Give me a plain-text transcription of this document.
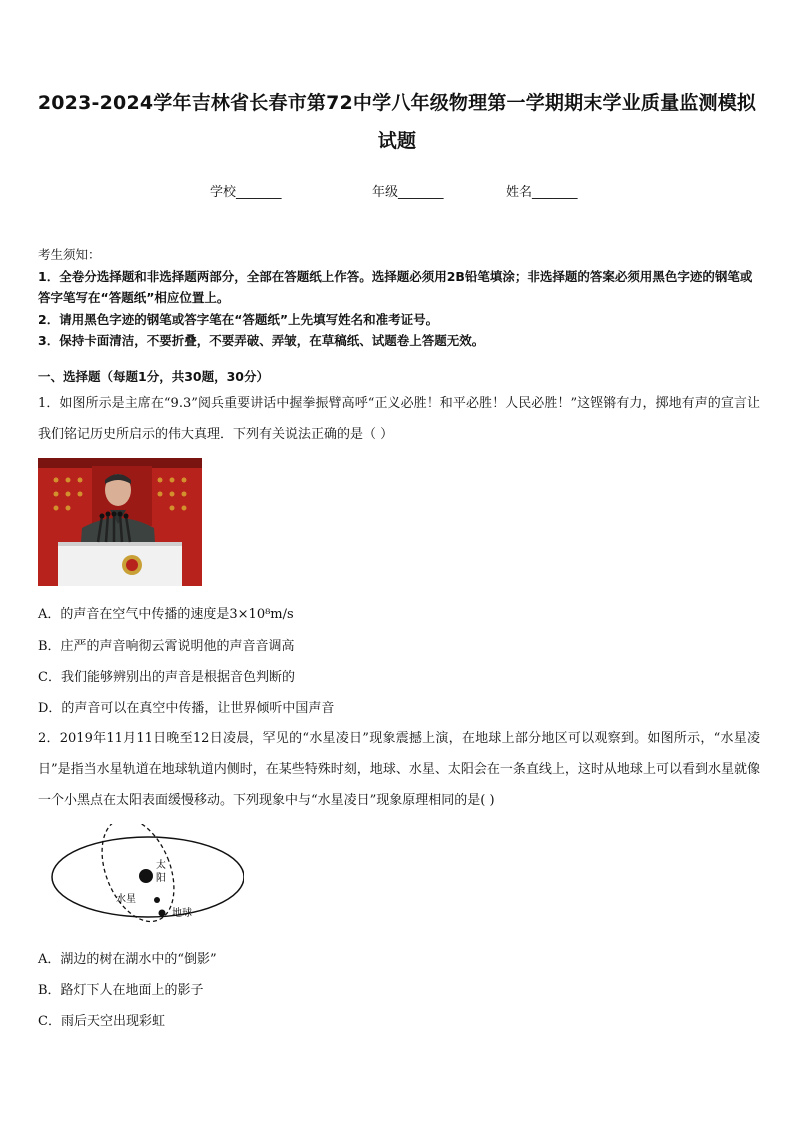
2023-2024学年吉林省长春市第72中学八年级物理第一学期期末学业质量监测模拟试题
学校_______	年级_______	姓名_______
考生须知：
1．全卷分选择题和非选择题两部分，全部在答题纸上作答。选择题必须用2B铅笔填涂；非选择题的答案必须用黑色字迹的钢笔或答字笔写在“答题纸”相应位置上。
2．请用黑色字迹的钢笔或答字笔在“答题纸”上先填写姓名和准考证号。
3．保持卡面清洁，不要折叠，不要弄破、弄皱，在草稿纸、试题卷上答题无效。
一、选择题（每题1分，共30题，30分）
1．如图所示是主席在“9.3”阅兵重要讲话中握拳振臂高呼“正义必胜！和平必胜！人民必胜！”这铿锵有力，掷地有声的宣言让我们铭记历史所启示的伟大真理．下列有关说法正确的是（ ）
A．的声音在空气中传播的速度是3×10⁸m/s
B．庄严的声音响彻云霄说明他的声音音调高
C．我们能够辨别出的声音是根据音色判断的
D．的声音可以在真空中传播，让世界倾听中国声音
2．2019年11月11日晚至12日凌晨，罕见的“水星凌日”现象震撼上演，在地球上部分地区可以观察到。如图所示，“水星凌日”是指当水星轨道在地球轨道内侧时，在某些特殊时刻，地球、水星、太阳会在一条直线上，这时从地球上可以看到水星就像一个小黑点在太阳表面缓慢移动。下列现象中与“水星凌日”现象原理相同的是( )
太
阳
水星
地球
A．湖边的树在湖水中的“倒影”
B．路灯下人在地面上的影子
C．雨后天空出现彩虹
